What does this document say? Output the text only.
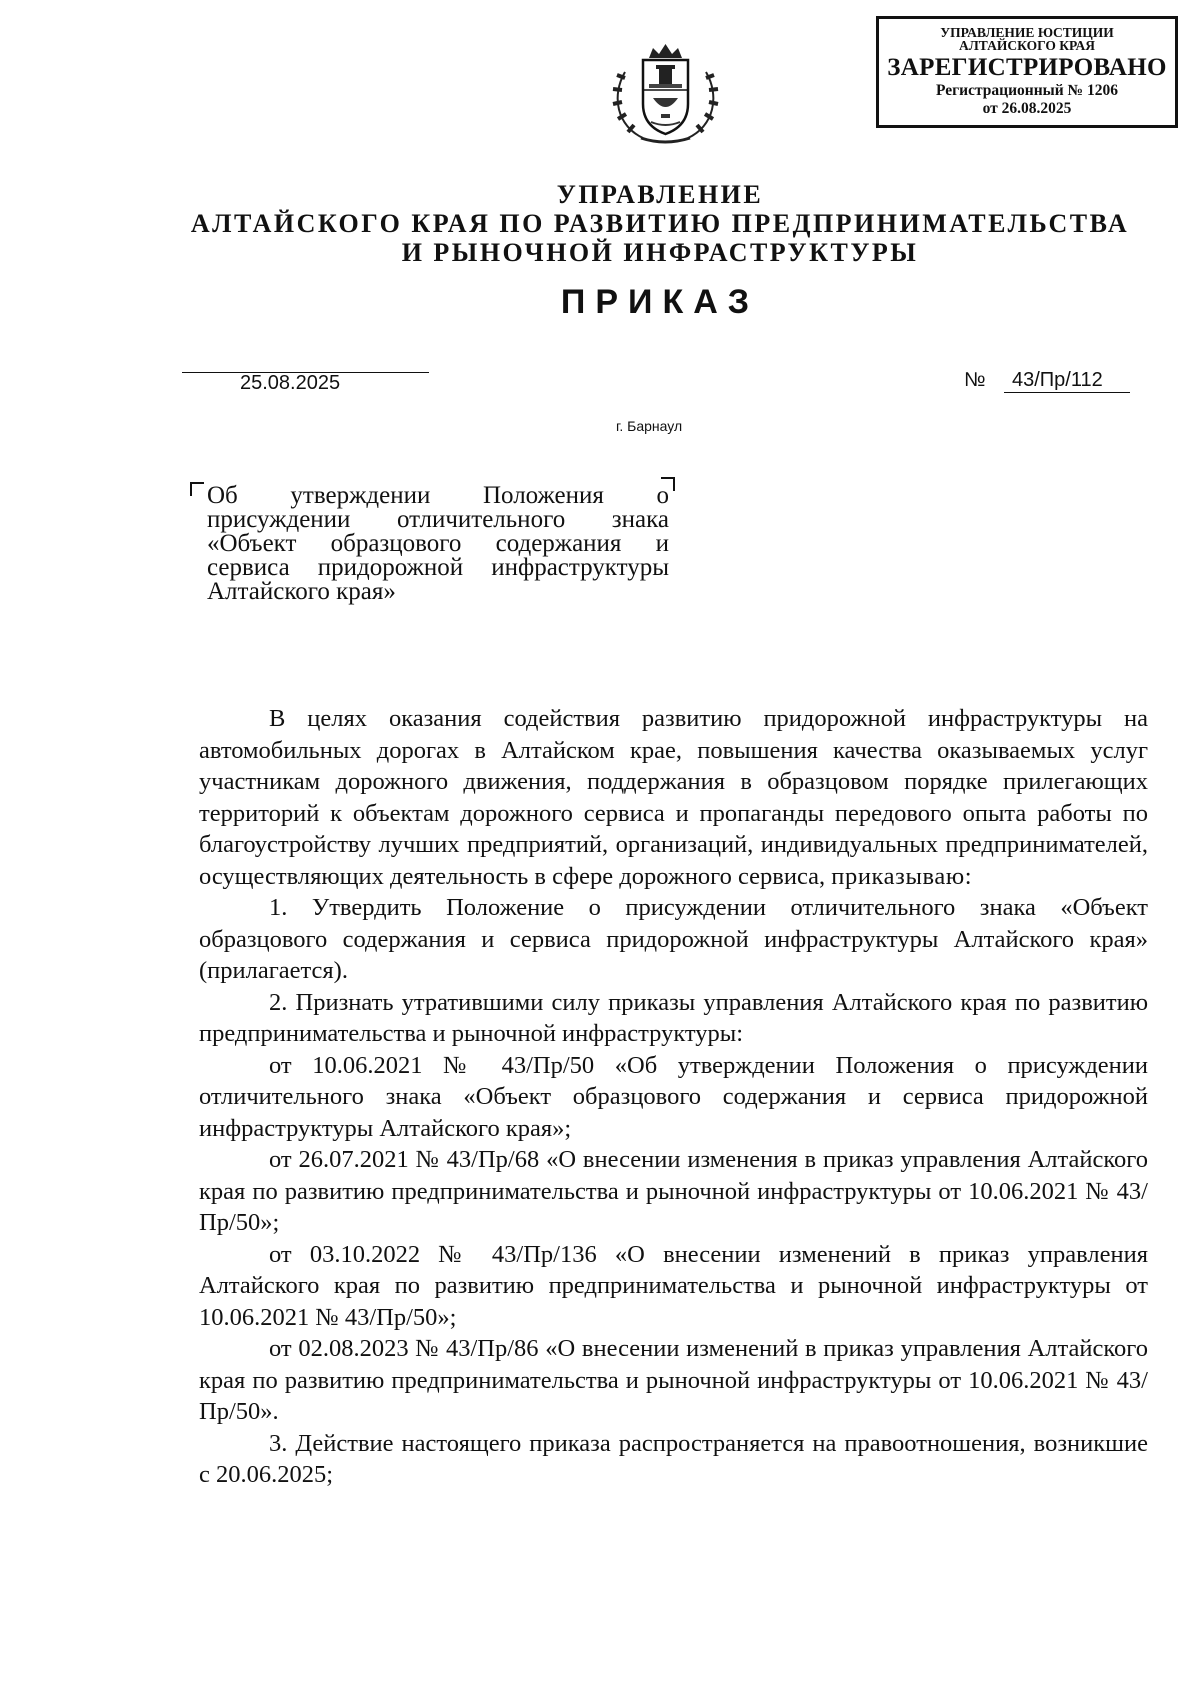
УПРАВЛЕНИЕ ЮСТИЦИИ
АЛТАЙСКОГО КРАЯ
ЗАРЕГИСТРИРОВАНО
Регистрационный № 1206
от 26.08.2025
УПРАВЛЕНИЕ
АЛТАЙСКОГО КРАЯ ПО РАЗВИТИЮ ПРЕДПРИНИМАТЕЛЬСТВА
И РЫНОЧНОЙ ИНФРАСТРУКТУРЫ
ПРИКАЗ
25.08.2025	№	43/Пр/112
г. Барнаул
Об утверждении Положения о присуждении отличительного знака «Объект образцового содержания и сервиса придорожной инфраструктуры Алтайского края»

В целях оказания содействия развитию придорожной инфраструктуры на автомобильных дорогах в Алтайском крае, повышения качества оказываемых услуг участникам дорожного движения, поддержания в образцовом порядке прилегающих территорий к объектам дорожного сервиса и пропаганды передового опыта работы по благоустройству лучших предприятий, организаций, индивидуальных предпринимателей, осуществляющих деятельность в сфере дорожного сервиса, приказываю:

1. Утвердить Положение о присуждении отличительного знака «Объект образцового содержания и сервиса придорожной инфраструктуры Алтайского края» (прилагается).

2. Признать утратившими силу приказы управления Алтайского края по развитию предпринимательства и рыночной инфраструктуры:

от 10.06.2021 № 43/Пр/50 «Об утверждении Положения о присуждении отличительного знака «Объект образцового содержания и сервиса придорожной инфраструктуры Алтайского края»;

от 26.07.2021 № 43/Пр/68 «О внесении изменения в приказ управления Алтайского края по развитию предпринимательства и рыночной инфраструктуры от 10.06.2021 № 43/Пр/50»;

от 03.10.2022 № 43/Пр/136 «О внесении изменений в приказ управления Алтайского края по развитию предпринимательства и рыночной инфраструктуры от 10.06.2021 № 43/Пр/50»;

от 02.08.2023 № 43/Пр/86 «О внесении изменений в приказ управления Алтайского края по развитию предпринимательства и рыночной инфраструктуры от 10.06.2021 № 43/Пр/50».

3. Действие настоящего приказа распространяется на правоотношения, возникшие с 20.06.2025;
